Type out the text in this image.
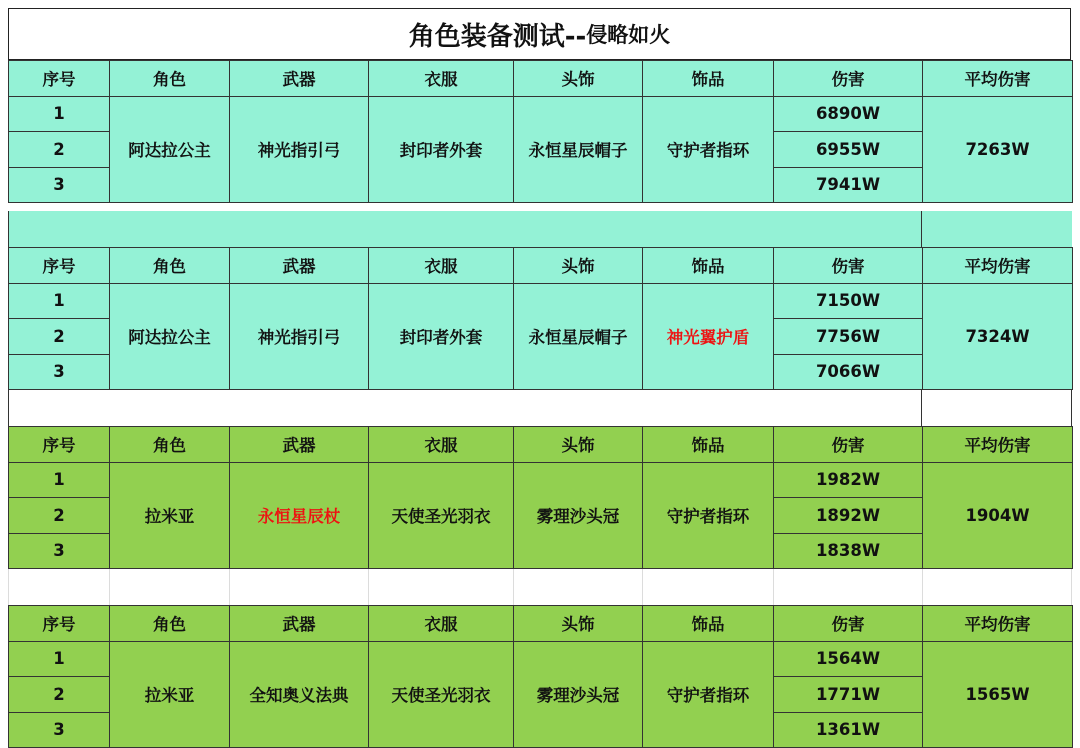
角色装备测试-- 侵略如火
序号	角色	武器	衣服	头饰	饰品	伤害	平均伤害
1	阿达拉公主	神光指引弓	封印者外套	永恒星辰帽子	守护者指环	6890W	7263W
2						6955W	
3						7941W	
序号	角色	武器	衣服	头饰	饰品	伤害	平均伤害
1	阿达拉公主	神光指引弓	封印者外套	永恒星辰帽子	神光翼护盾	7150W	7324W
2						7756W	
3						7066W	
序号	角色	武器	衣服	头饰	饰品	伤害	平均伤害
1	拉米亚	永恒星辰杖	天使圣光羽衣	雾理沙头冠	守护者指环	1982W	1904W
2						1892W	
3						1838W	
序号	角色	武器	衣服	头饰	饰品	伤害	平均伤害
1	拉米亚	全知奥义法典	天使圣光羽衣	雾理沙头冠	守护者指环	1564W	1565W
2						1771W	
3						1361W	
